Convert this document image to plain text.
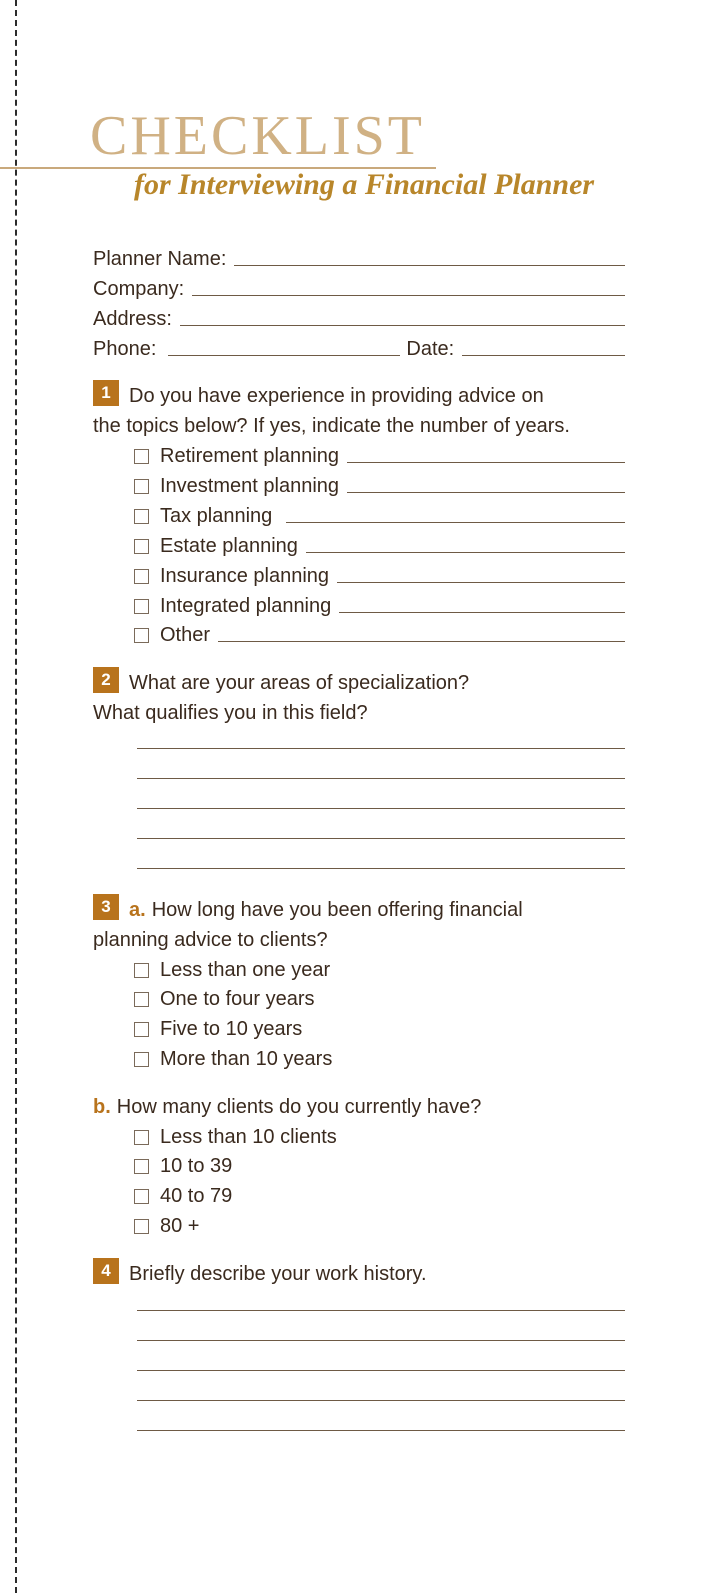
CHECKLIST
for Interviewing a Financial Planner
Planner Name:
Company:
Address:
Phone:	Date:
1 Do you have experience in providing advice on
the topics below? If yes, indicate the number of years.
Retirement planning
Investment planning
Tax planning
Estate planning
Insurance planning
Integrated planning
Other
2 What are your areas of specialization?
What qualifies you in this field?
3 a. How long have you been offering financial
planning advice to clients?
Less than one year
One to four years
Five to 10 years
More than 10 years
b. How many clients do you currently have?
Less than 10 clients
10 to 39
40 to 79
80 +
4 Briefly describe your work history.
